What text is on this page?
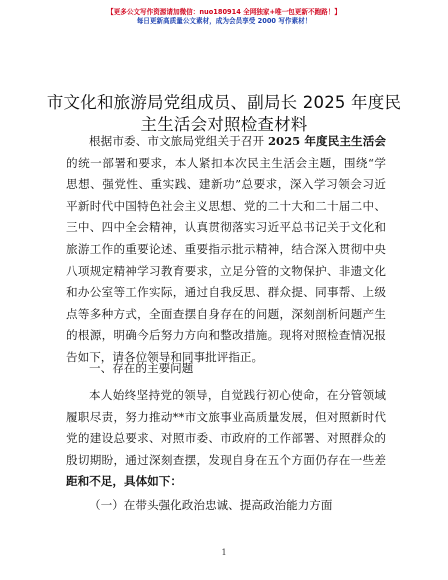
【更多公文写作资源请加微信：nuo180914 全网独家+唯一包更新不跑路！】
每日更新高质量公文素材，成为会员享受 2000 写作素材！
市文化和旅游局党组成员、副局长 2025 年度民
主生活会对照检查材料
根据市委、市文旅局党组关于召开 2025 年度民主生活会
的统一部署和要求，本人紧扣本次民主生活会主题，围绕“学
思想、强党性、重实践、建新功”总要求，深入学习领会习近
平新时代中国特色社会主义思想、党的二十大和二十届二中、
三中、四中全会精神，认真贯彻落实习近平总书记关于文化和
旅游工作的重要论述、重要指示批示精神，结合深入贯彻中央
八项规定精神学习教育要求，立足分管的文物保护、非遗文化
和办公室等工作实际，通过自我反思、群众提、同事帮、上级
点等多种方式，全面查摆自身存在的问题，深刻剖析问题产生
的根源，明确今后努力方向和整改措施。现将对照检查情况报
告如下，请各位领导和同事批评指正。
一、存在的主要问题
本人始终坚持党的领导，自觉践行初心使命，在分管领域
履职尽责，努力推动**市文旅事业高质量发展，但对照新时代
党的建设总要求、对照市委、市政府的工作部署、对照群众的
殷切期盼，通过深刻查摆，发现自身在五个方面仍存在一些差
距和不足，具体如下：
（一）在带头强化政治忠诚、提高政治能力方面
1
